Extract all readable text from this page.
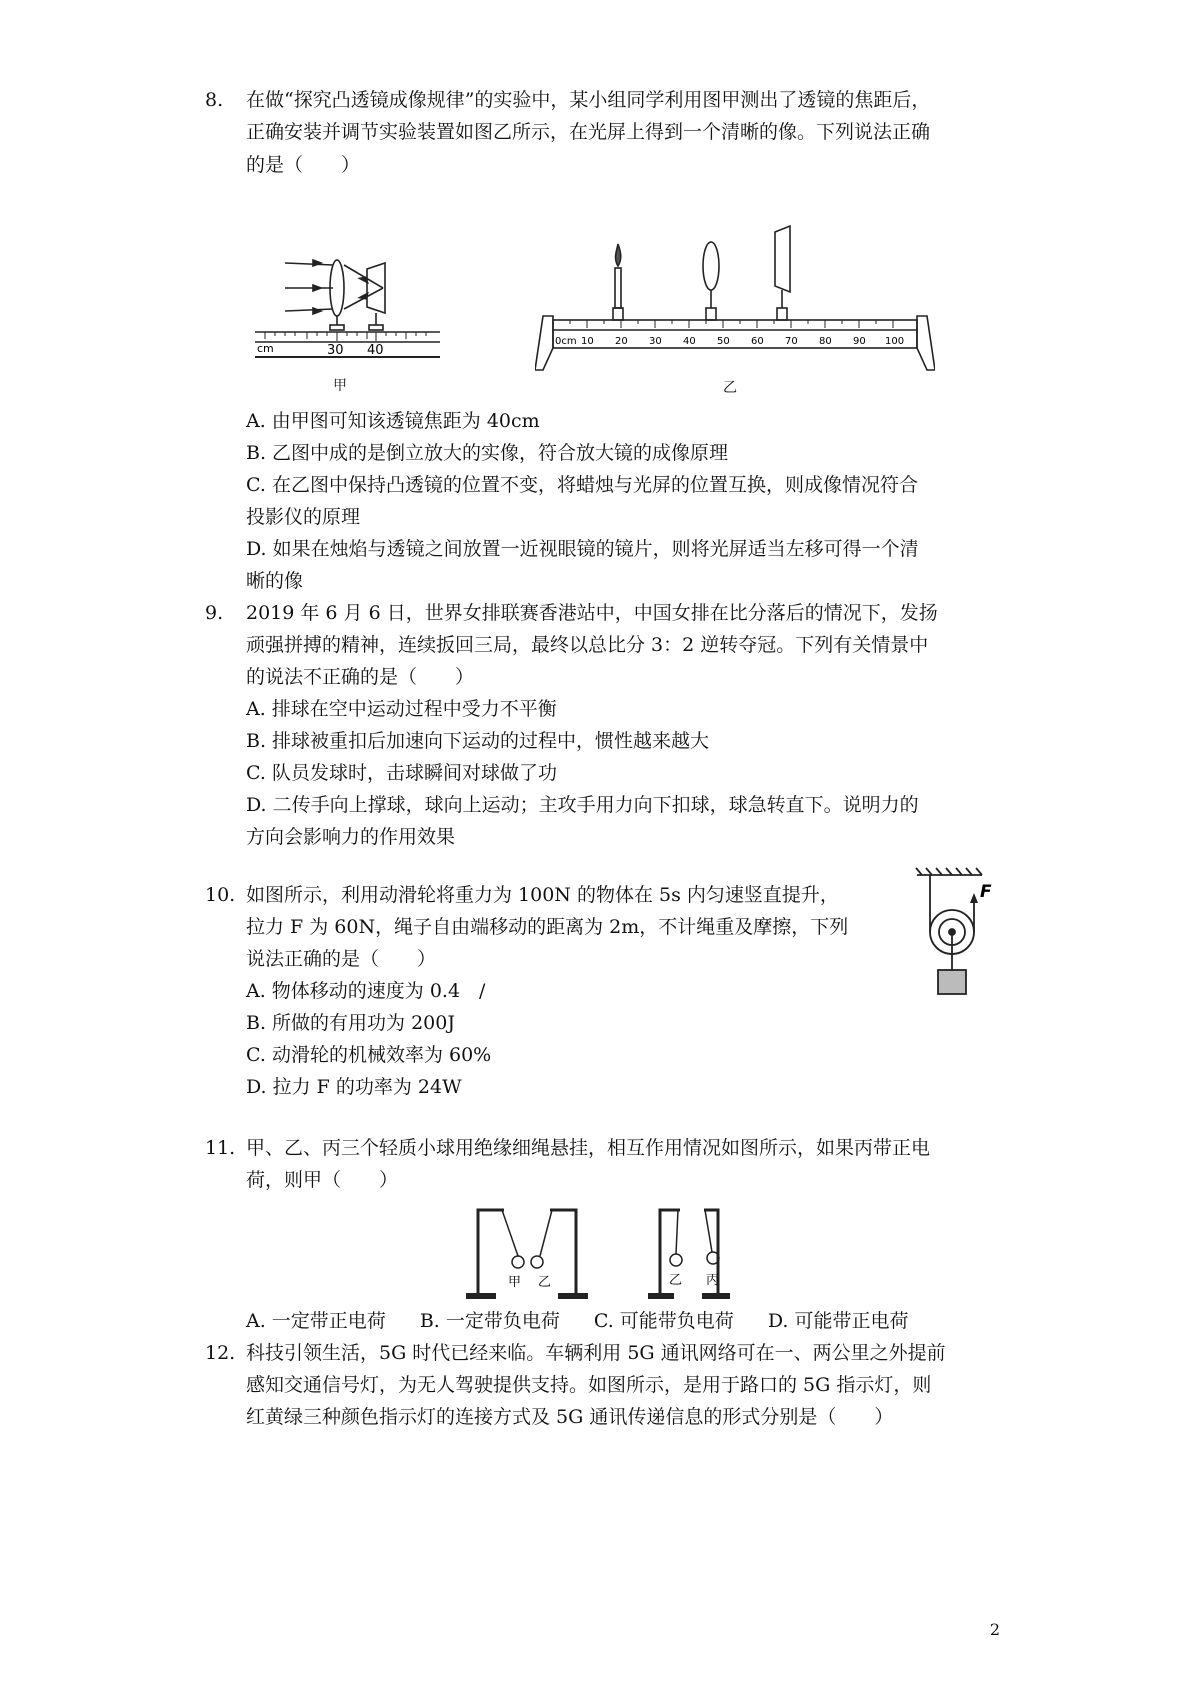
8.	在做“探究凸透镜成像规律”的实验中，某小组同学利用图甲测出了透镜的焦距后，
正确安装并调节实验装置如图乙所示，在光屏上得到一个清晰的像。下列说法正确
的是（　　）
cm	30 40
甲
0cm 10 20 30 40 50 60 70 80 90 100
乙
A. 由甲图可知该透镜焦距为 40cm
B. 乙图中成的是倒立放大的实像，符合放大镜的成像原理
C. 在乙图中保持凸透镜的位置不变，将蜡烛与光屏的位置互换，则成像情况符合
投影仪的原理
D. 如果在烛焰与透镜之间放置一近视眼镜的镜片，则将光屏适当左移可得一个清
晰的像
9.	2019 年 6 月 6 日，世界女排联赛香港站中，中国女排在比分落后的情况下，发扬
顽强拼搏的精神，连续扳回三局，最终以总比分 3：2 逆转夺冠。下列有关情景中
的说法不正确的是（　　）
A. 排球在空中运动过程中受力不平衡
B. 排球被重扣后加速向下运动的过程中，惯性越来越大
C. 队员发球时，击球瞬间对球做了功
D. 二传手向上撑球，球向上运动；主攻手用力向下扣球，球急转直下。说明力的
方向会影响力的作用效果
10. 如图所示，利用动滑轮将重力为 100N 的物体在 5s 内匀速竖直提升，
拉力 F 为 60N，绳子自由端移动的距离为 2m，不计绳重及摩擦，下列
说法正确的是（　　）
A. 物体移动的速度为 0.4　/
B. 所做的有用功为 200J
C. 动滑轮的机械效率为 60%
D. 拉力 F 的功率为 24W
F
11. 甲、乙、丙三个轻质小球用绝缘细绳悬挂，相互作用情况如图所示，如果丙带正电
荷，则甲（　　）
甲 乙	乙 丙
A. 一定带正电荷 B. 一定带负电荷 C. 可能带负电荷 D. 可能带正电荷
12. 科技引领生活，5G 时代已经来临。车辆利用 5G 通讯网络可在一、两公里之外提前
感知交通信号灯，为无人驾驶提供支持。如图所示，是用于路口的 5G 指示灯，则
红黄绿三种颜色指示灯的连接方式及 5G 通讯传递信息的形式分别是（　　）
2
